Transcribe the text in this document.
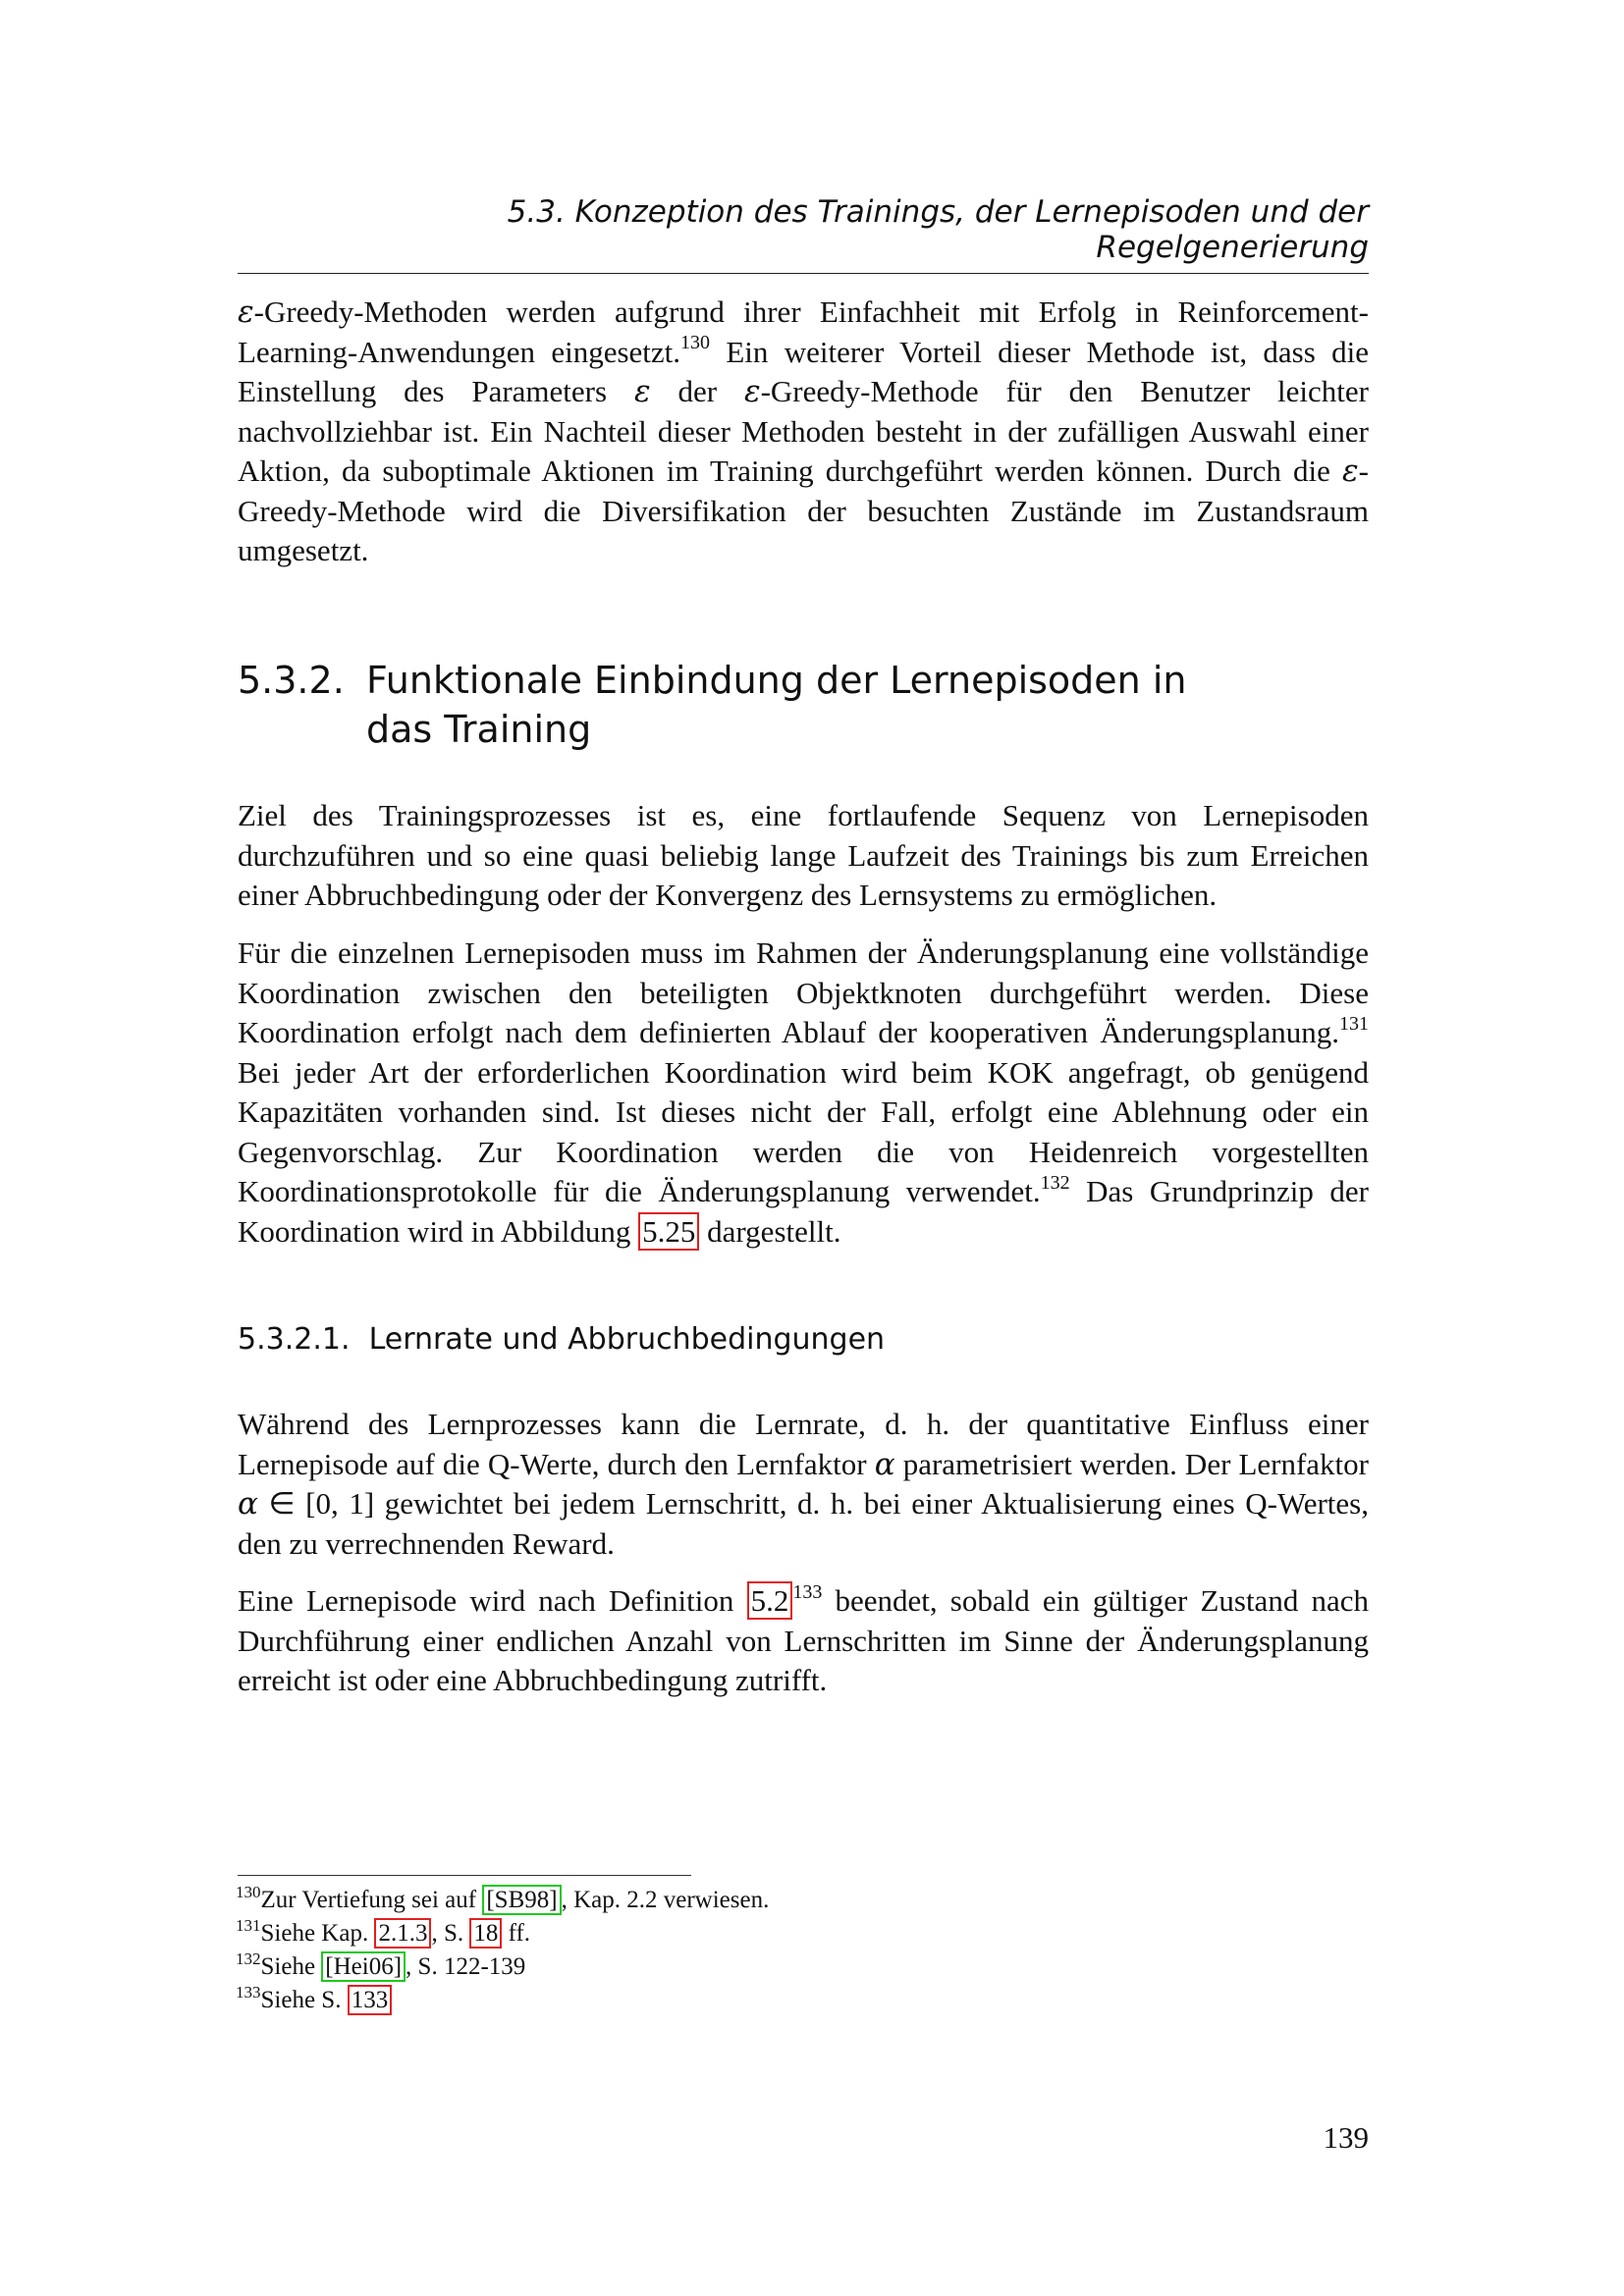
5.3. Konzeption des Trainings, der Lernepisoden und der Regelgenerierung

ε-Greedy-Methoden werden aufgrund ihrer Einfachheit mit Erfolg in Reinforcement-Learning-Anwendungen eingesetzt.$^{130}$ Ein weiterer Vorteil dieser Methode ist, dass die Einstellung des Parameters ε der ε-Greedy-Methode für den Benutzer leichter nachvollziehbar ist. Ein Nachteil dieser Methoden besteht in der zufälligen Auswahl einer Aktion, da suboptimale Aktionen im Training durchgeführt werden können. Durch die ε-Greedy-Methode wird die Diversifikation der besuchten Zustände im Zustandsraum umgesetzt.

5.3.2. Funktionale Einbindung der Lernepisoden in das Training

Ziel des Trainingsprozesses ist es, eine fortlaufende Sequenz von Lernepisoden durchzuführen und so eine quasi beliebig lange Laufzeit des Trainings bis zum Erreichen einer Abbruchbedingung oder der Konvergenz des Lernsystems zu ermöglichen.

Für die einzelnen Lernepisoden muss im Rahmen der Änderungsplanung eine vollständige Koordination zwischen den beteiligten Objektknoten durchgeführt werden. Diese Koordination erfolgt nach dem definierten Ablauf der kooperativen Änderungsplanung.$^{131}$ Bei jeder Art der erforderlichen Koordination wird beim KOK angefragt, ob genügend Kapazitäten vorhanden sind. Ist dieses nicht der Fall, erfolgt eine Ablehnung oder ein Gegenvorschlag. Zur Koordination werden die von Heidenreich vorgestellten Koordinationsprotokolle für die Änderungsplanung verwendet.$^{132}$ Das Grundprinzip der Koordination wird in Abbildung 5.25 dargestellt.

5.3.2.1. Lernrate und Abbruchbedingungen

Während des Lernprozesses kann die Lernrate, d. h. der quantitative Einfluss einer Lernepisode auf die Q-Werte, durch den Lernfaktor α parametrisiert werden. Der Lernfaktor α ∈ [0, 1] gewichtet bei jedem Lernschritt, d. h. bei einer Aktualisierung eines Q-Wertes, den zu verrechnenden Reward.

Eine Lernepisode wird nach Definition 5.2 $^{133}$ beendet, sobald ein gültiger Zustand nach Durchführung einer endlichen Anzahl von Lernschritten im Sinne der Änderungsplanung erreicht ist oder eine Abbruchbedingung zutrifft.

$^{130}$Zur Vertiefung sei auf [SB98] , Kap. 2.2 verwiesen.

$^{131}$Siehe Kap. 2.1.3 , S. 18 ff.

$^{132}$Siehe [Hei06] , S. 122-139

$^{133}$Siehe S. 133

139
